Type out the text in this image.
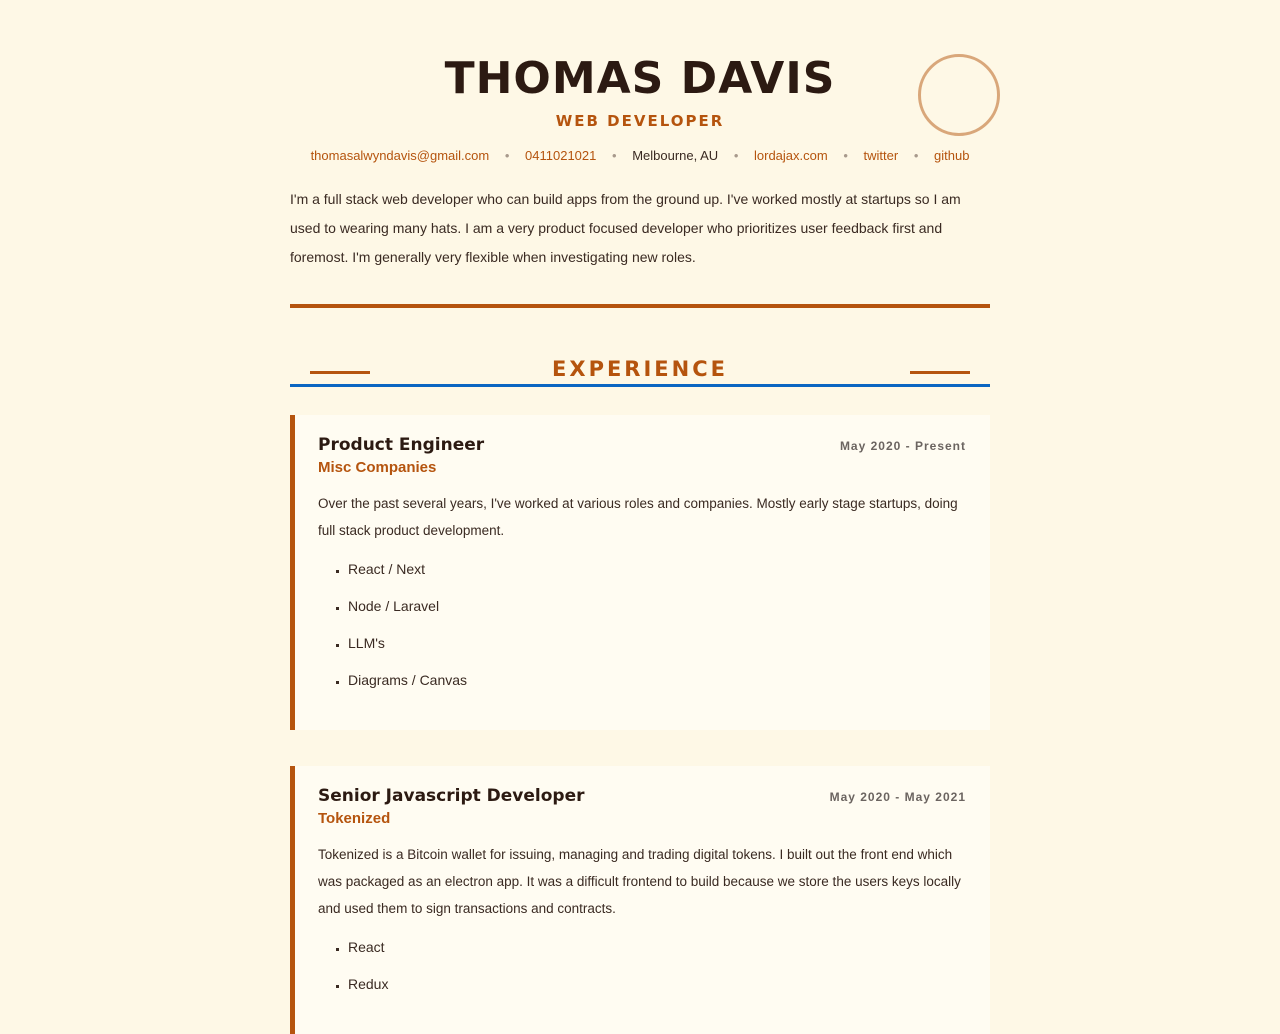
THOMAS DAVIS
WEB DEVELOPER
thomasalwyndavis@gmail.com • 0411021021 • Melbourne, AU • lordajax.com • twitter • github

I'm a full stack web developer who can build apps from the ground up. I've worked mostly at startups so I am used to wearing many hats. I am a very product focused developer who prioritizes user feedback first and foremost. I'm generally very flexible when investigating new roles.

EXPERIENCE
Product Engineer	May 2020 - Present
Misc Companies
Over the past several years, I've worked at various roles and companies. Mostly early stage startups, doing full stack product development.
▪ React / Next
▪ Node / Laravel
▪ LLM's
▪ Diagrams / Canvas
Senior Javascript Developer	May 2020 - May 2021
Tokenized
Tokenized is a Bitcoin wallet for issuing, managing and trading digital tokens. I built out the front end which was packaged as an electron app. It was a difficult frontend to build because we store the users keys locally and used them to sign transactions and contracts.
▪ React
▪ Redux
